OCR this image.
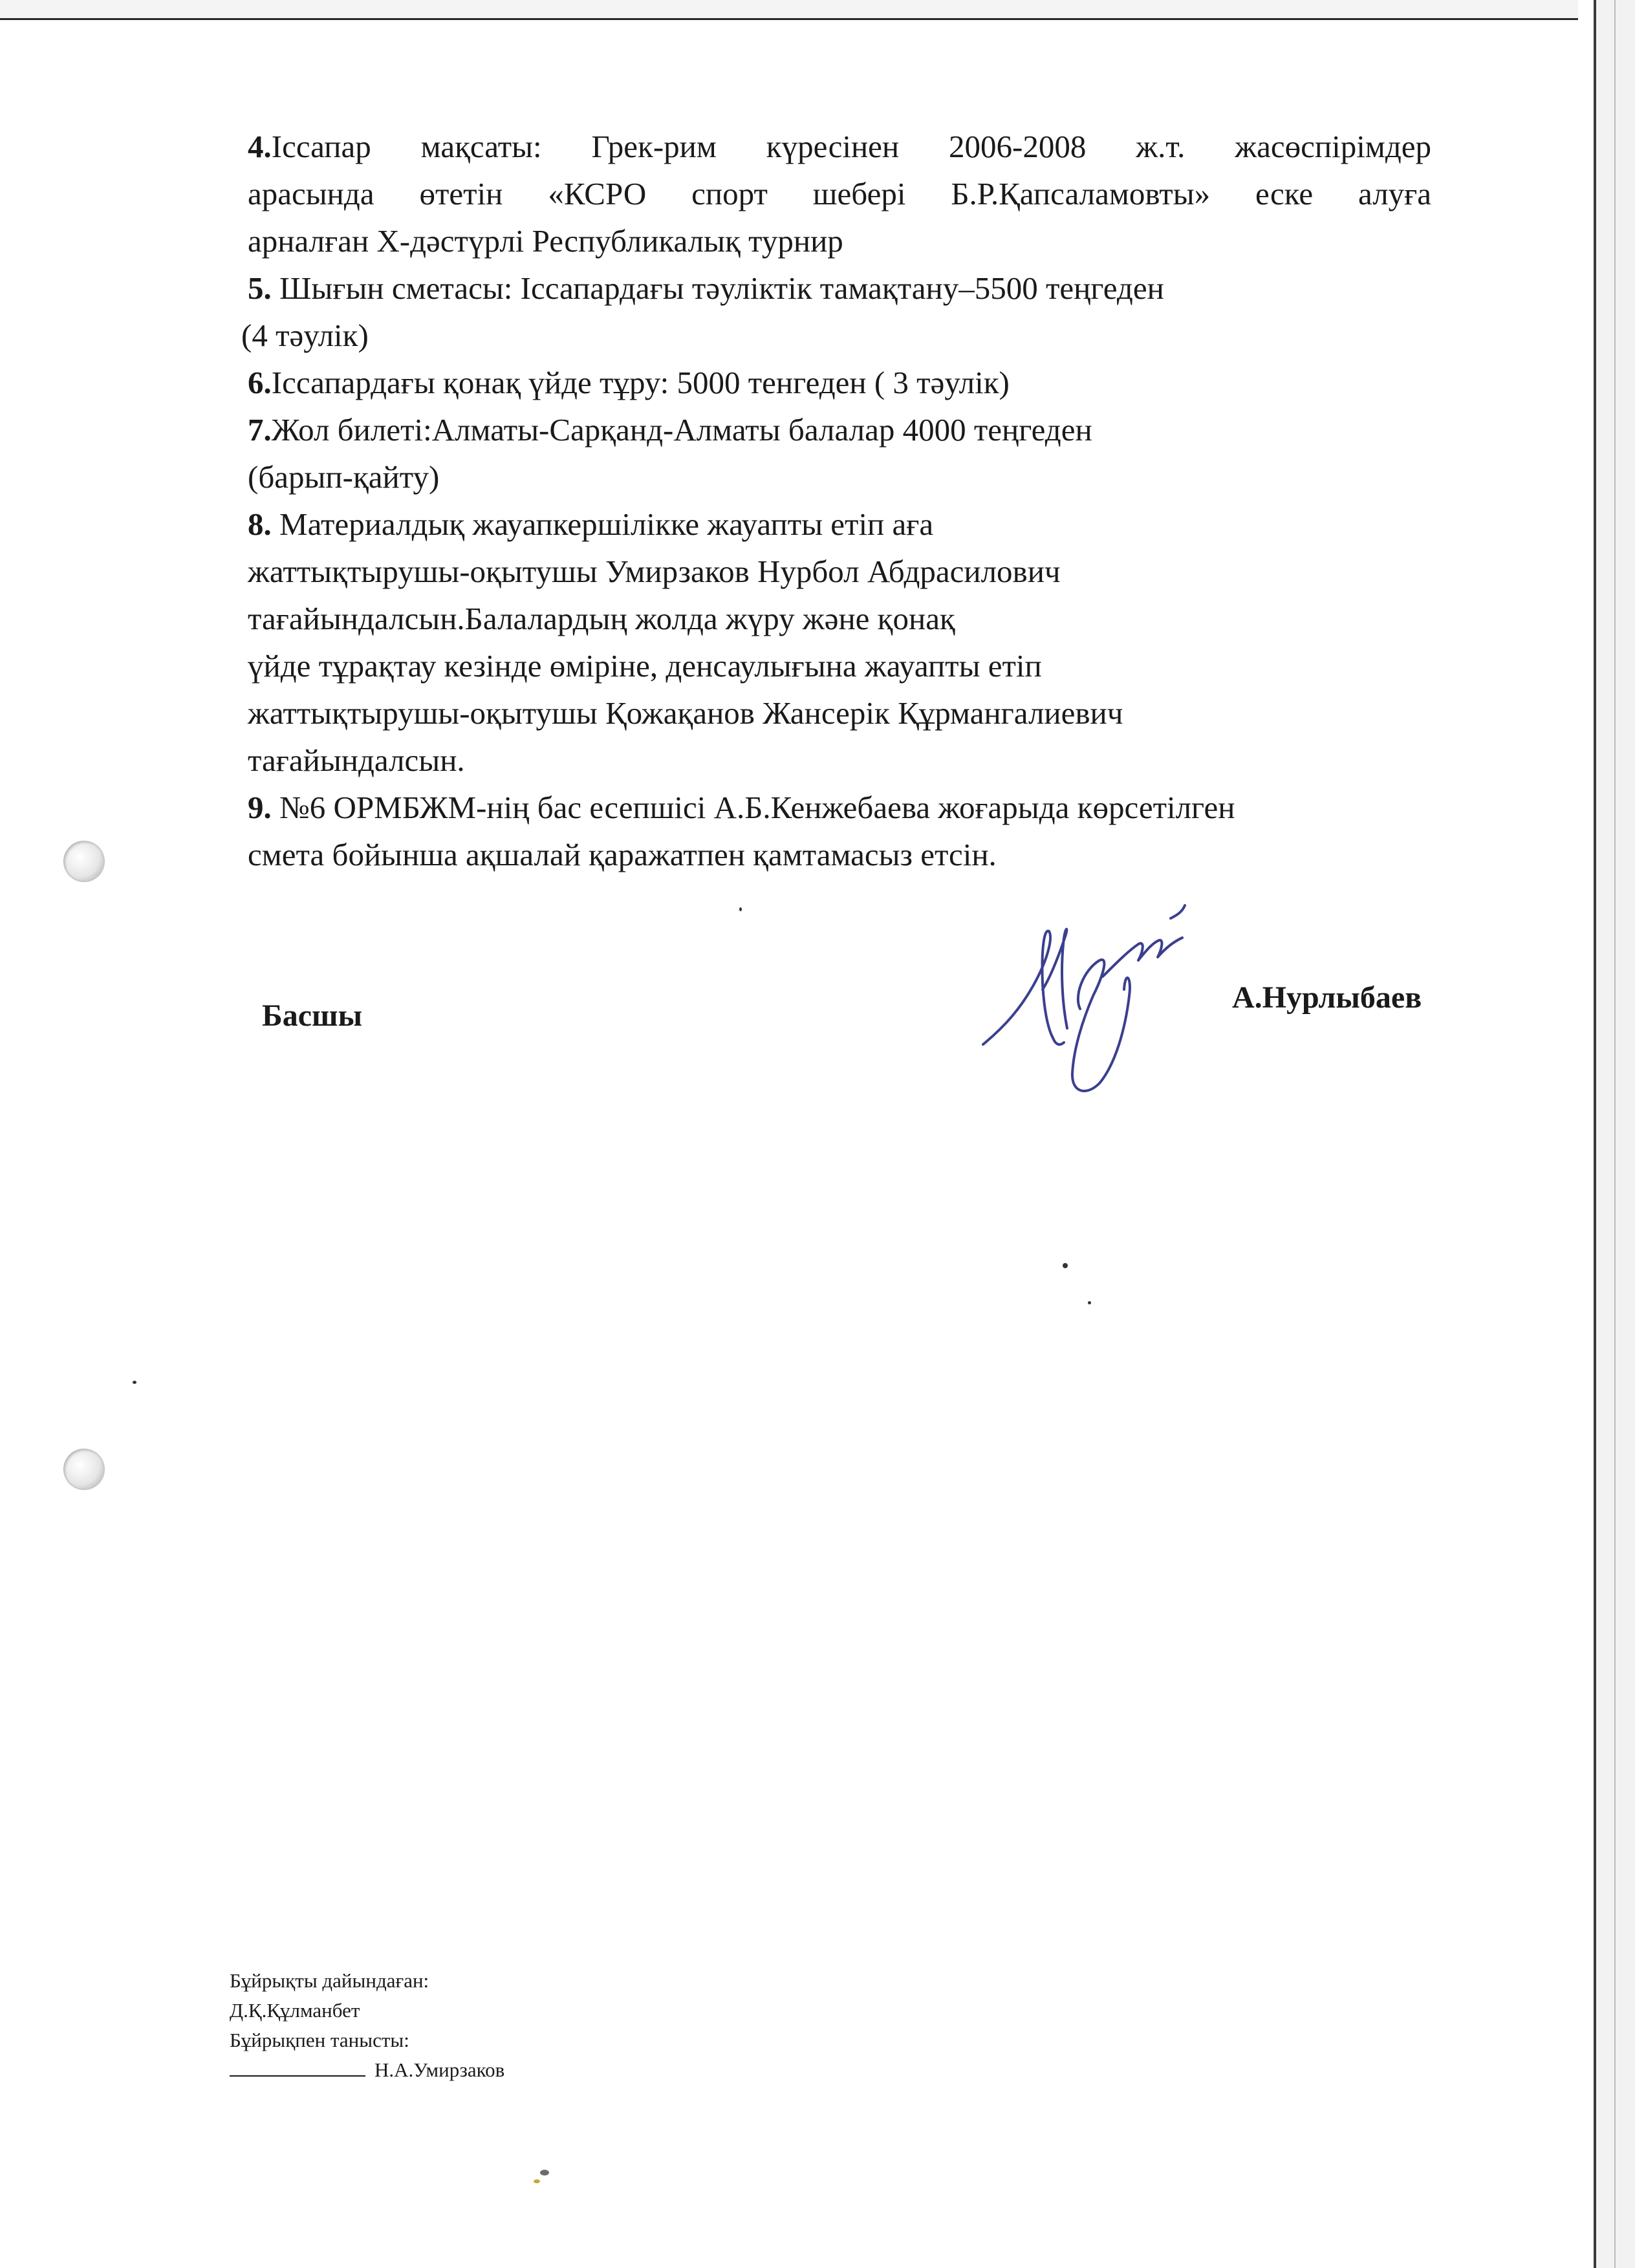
4.Іссапар мақсаты: Грек-рим күресінен 2006-2008 ж.т. жасөспірімдер
арасында өтетін «КСРО спорт шебері Б.Р.Қапсаламовты» еске алуға
арналған Х-дәстүрлі Республикалық турнир
5. Шығын сметасы: Іссапардағы тәуліктік тамақтану–5500 теңгеден
(4 тәулік)
6.Іссапардағы қонақ үйде тұру: 5000 тенгеден ( 3 тәулік)
7.Жол билеті:Алматы-Сарқанд-Алматы балалар 4000 теңгеден
(барып-қайту)
8. Материалдық жауапкершілікке жауапты етіп аға
жаттықтырушы-оқытушы Умирзаков Нурбол Абдрасилович
тағайындалсын.Балалардың жолда жүру және қонақ
үйде тұрақтау кезінде өміріне, денсаулығына жауапты етіп
жаттықтырушы-оқытушы Қожақанов Жансерік Құрмангалиевич
тағайындалсын.
9. №6 ОРМБЖМ-нің бас есепшісі А.Б.Кенжебаева жоғарыда көрсетілген
смета бойынша ақшалай қаражатпен қамтамасыз етсін.
Басшы
А.Нурлыбаев
Бұйрықты дайындаған:
Д.Қ.Құлманбет
Бұйрықпен танысты:
Н.А.Умирзаков
